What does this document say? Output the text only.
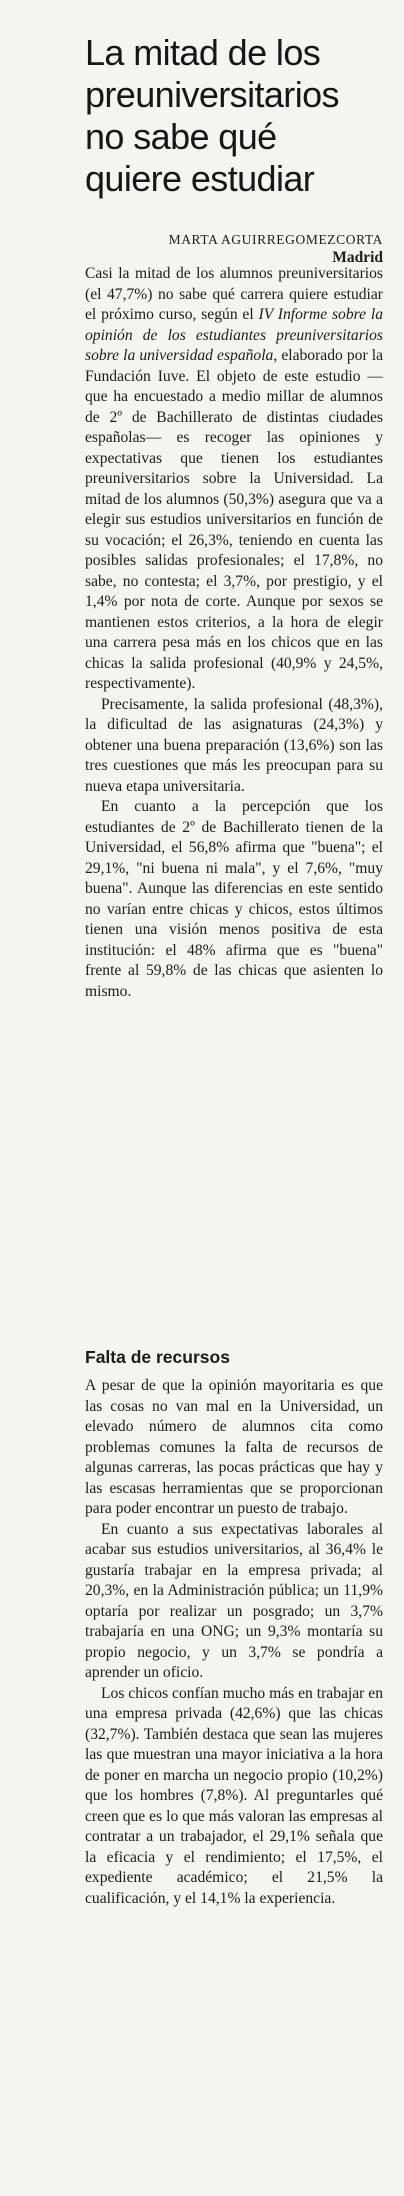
La mitad de los
preuniversitarios
no sabe qué
quiere estudiar
MARTA AGUIRREGOMEZCORTA
Madrid

Casi la mitad de los alumnos preuniversitarios (el 47,7%) no sabe qué carrera quiere estudiar el próximo curso, según el IV Informe sobre la opinión de los estudiantes preuniversitarios sobre la universidad española, elaborado por la Fundación Iuve. El objeto de este estudio —que ha encuestado a medio millar de alumnos de 2º de Bachillerato de distintas ciudades españolas— es recoger las opiniones y expectativas que tienen los estudiantes preuniversitarios sobre la Universidad. La mitad de los alumnos (50,3%) asegura que va a elegir sus estudios universitarios en función de su vocación; el 26,3%, teniendo en cuenta las posibles salidas profesionales; el 17,8%, no sabe, no contesta; el 3,7%, por prestigio, y el 1,4% por nota de corte. Aunque por sexos se mantienen estos criterios, a la hora de elegir una carrera pesa más en los chicos que en las chicas la salida profesional (40,9% y 24,5%, respectivamente).

Precisamente, la salida profesional (48,3%), la dificultad de las asignaturas (24,3%) y obtener una buena preparación (13,6%) son las tres cuestiones que más les preocupan para su nueva etapa universitaria.

En cuanto a la percepción que los estudiantes de 2º de Bachillerato tienen de la Universidad, el 56,8% afirma que "buena"; el 29,1%, "ni buena ni mala", y el 7,6%, "muy buena". Aunque las diferencias en este sentido no varían entre chicas y chicos, estos últimos tienen una visión menos positiva de esta institución: el 48% afirma que es "buena" frente al 59,8% de las chicas que asienten lo mismo.

Falta de recursos

A pesar de que la opinión mayoritaria es que las cosas no van mal en la Universidad, un elevado número de alumnos cita como problemas comunes la falta de recursos de algunas carreras, las pocas prácticas que hay y las escasas herramientas que se proporcionan para poder encontrar un puesto de trabajo.

En cuanto a sus expectativas laborales al acabar sus estudios universitarios, al 36,4% le gustaría trabajar en la empresa privada; al 20,3%, en la Administración pública; un 11,9% optaría por realizar un posgrado; un 3,7% trabajaría en una ONG; un 9,3% montaría su propio negocio, y un 3,7% se pondría a aprender un oficio.

Los chicos confían mucho más en trabajar en una empresa privada (42,6%) que las chicas (32,7%). También destaca que sean las mujeres las que muestran una mayor iniciativa a la hora de poner en marcha un negocio propio (10,2%) que los hombres (7,8%). Al preguntarles qué creen que es lo que más valoran las empresas al contratar a un trabajador, el 29,1% señala que la eficacia y el rendimiento; el 17,5%, el expediente académico; el 21,5% la cualificación, y el 14,1% la experiencia.
